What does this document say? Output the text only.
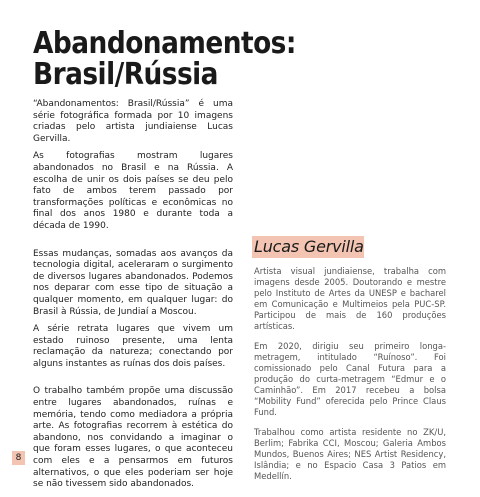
Abandonamentos:
Brasil/Rússia

“Abandonamentos: Brasil/Rússia” é uma série fotográfica formada por 10 imagens criadas pelo artista jundiaiense Lucas Gervilla.

As fotografias mostram lugares abandonados no Brasil e na Rússia. A escolha de unir os dois países se deu pelo fato de ambos terem passado por transformações políticas e econômicas no final dos anos 1980 e durante toda a década de 1990.

Essas mudanças, somadas aos avanços da tecnologia digital, aceleraram o surgimento de diversos lugares abandonados. Podemos nos deparar com esse tipo de situação a qualquer momento, em qualquer lugar: do Brasil à Rússia, de Jundiaí a Moscou.

A série retrata lugares que vivem um estado ruinoso presente, uma lenta reclamação da natureza; conectando por alguns instantes as ruínas dos dois países.

O trabalho também propõe uma discussão entre lugares abandonados, ruínas e memória, tendo como mediadora a própria arte. As fotografias recorrem à estética do abandono, nos convidando a imaginar o que foram esses lugares, o que aconteceu com eles e a pensarmos em futuros alternativos, o que eles poderiam ser hoje se não tivessem sido abandonados.

Lucas Gervilla

Artista visual jundiaiense, trabalha com imagens desde 2005. Doutorando e mestre pelo Instituto de Artes da UNESP e bacharel em Comunicação e Multimeios pela PUC-SP. Participou de mais de 160 produções artísticas.

Em 2020, dirigiu seu primeiro longa-metragem, intitulado “Ruínoso”. Foi comissionado pelo Canal Futura para a produção do curta-metragem “Edmur e o Caminhão”. Em 2017 recebeu a bolsa “Mobility Fund” oferecida pelo Prince Claus Fund.

Trabalhou como artista residente no ZK/U, Berlim; Fabrika CCI, Moscou; Galeria Ambos Mundos, Buenos Aires; NES Artist Residency, Islândia; e no Espacio Casa 3 Patios em Medellín.

8
